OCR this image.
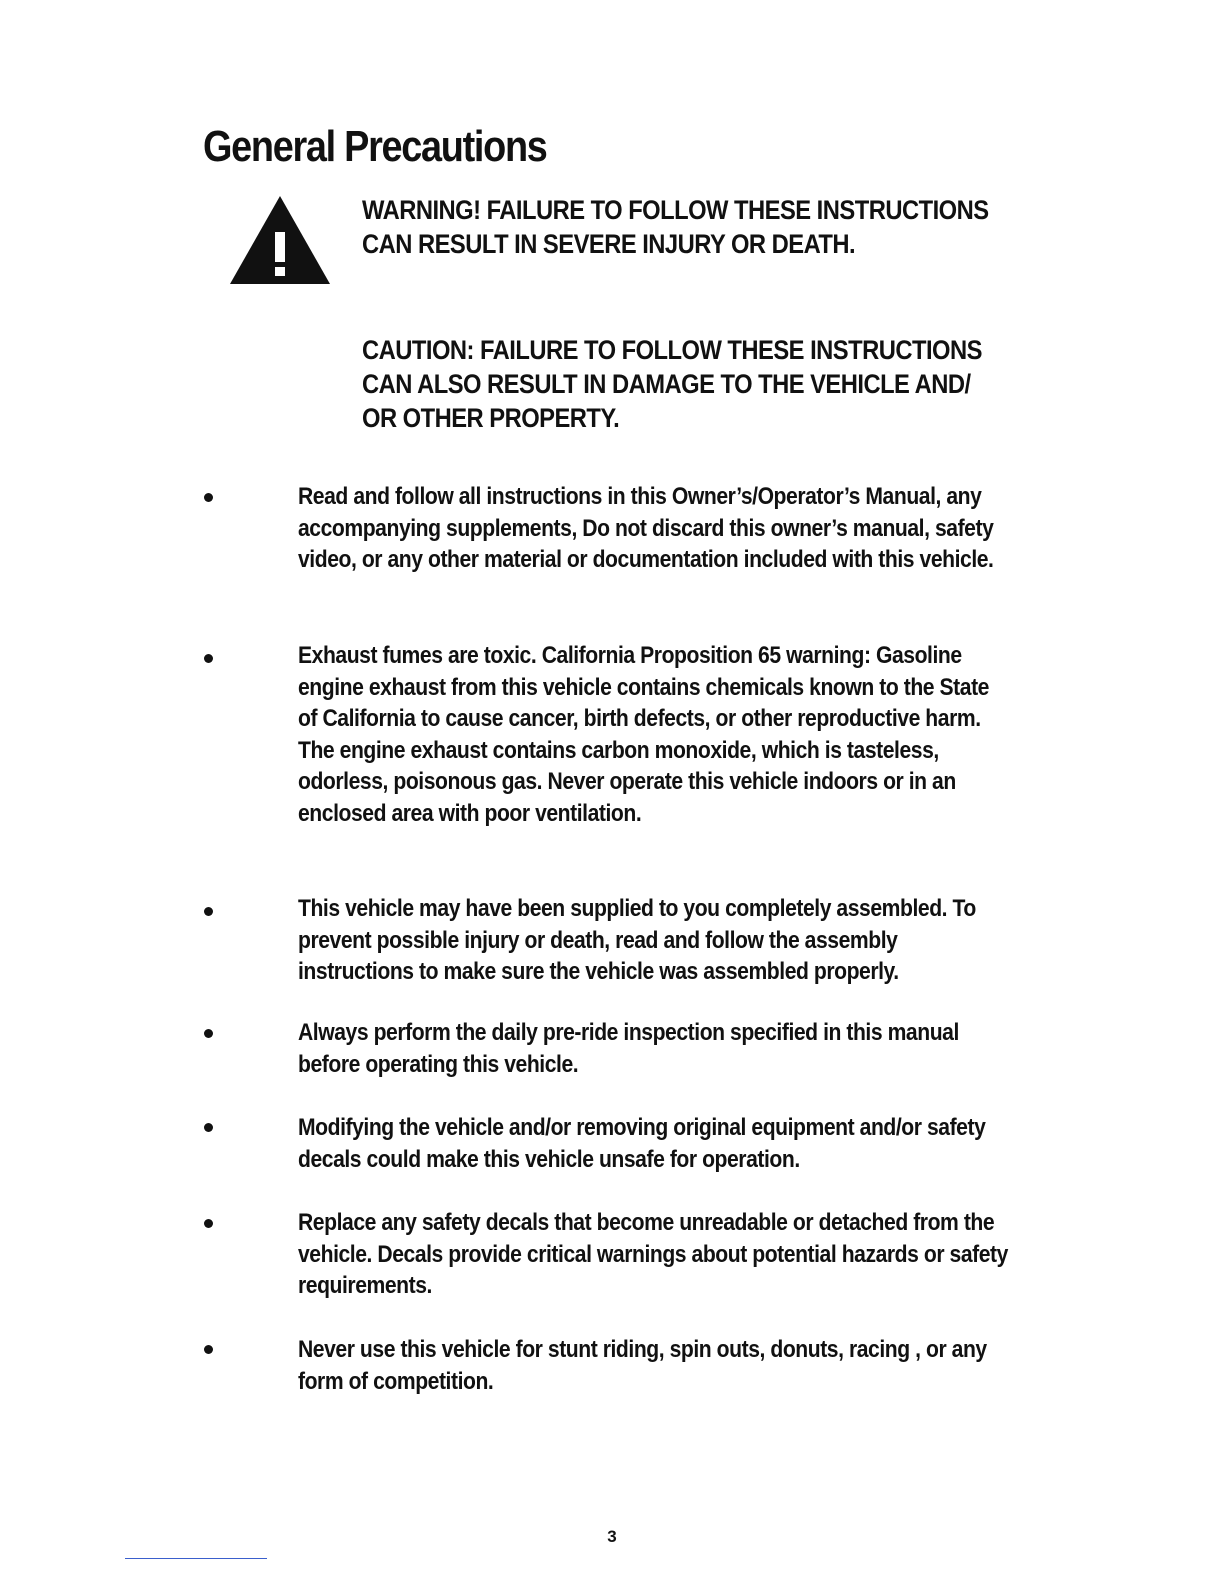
General Precautions
WARNING! FAILURE TO FOLLOW THESE INSTRUCTIONS CAN RESULT IN SEVERE INJURY OR DEATH.
CAUTION: FAILURE TO FOLLOW THESE INSTRUCTIONS CAN ALSO RESULT IN DAMAGE TO THE VEHICLE AND/ OR OTHER PROPERTY.
Read and follow all instructions in this Owner’s/Operator’s Manual, any accompanying supplements, Do not discard this owner’s manual, safety video, or any other material or documentation included with this vehicle.
Exhaust fumes are toxic. California Proposition 65 warning: Gasoline engine exhaust from this vehicle contains chemicals known to the State of California to cause cancer, birth defects, or other reproductive harm. The engine exhaust contains carbon monoxide, which is tasteless, odorless, poisonous gas. Never operate this vehicle indoors or in an enclosed area with poor ventilation.
This vehicle may have been supplied to you completely assembled. To prevent possible injury or death, read and follow the assembly instructions to make sure the vehicle was assembled properly.
Always perform the daily pre-ride inspection specified in this manual before operating this vehicle.
Modifying the vehicle and/or removing original equipment and/or safety decals could make this vehicle unsafe for operation.
Replace any safety decals that become unreadable or detached from the vehicle. Decals provide critical warnings about potential hazards or safety requirements.
Never use this vehicle for stunt riding, spin outs, donuts, racing , or any form of competition.
3
